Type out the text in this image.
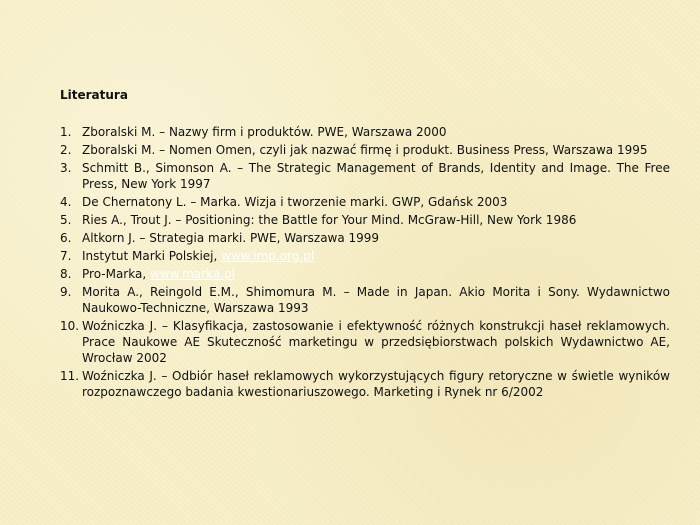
Literatura
1. Zboralski M. – Nazwy firm i produktów. PWE, Warszawa 2000
2. Zboralski M. – Nomen Omen, czyli jak nazwać firmę i produkt. Business Press, Warszawa 1995
3. Schmitt B., Simonson A. – The Strategic Management of Brands, Identity and Image. The Free Press, New York 1997
4. De Chernatony L. – Marka. Wizja i tworzenie marki. GWP, Gdańsk 2003
5. Ries A., Trout J. – Positioning: the Battle for Your Mind. McGraw-Hill, New York 1986
6. Altkorn J. – Strategia marki. PWE, Warszawa 1999
7. Instytut Marki Polskiej, www.imp.org.pl
8. Pro-Marka, www.marka.pl
9. Morita A., Reingold E.M., Shimomura M. – Made in Japan. Akio Morita i Sony. Wydawnictwo Naukowo-Techniczne, Warszawa 1993
10. Woźniczka J. – Klasyfikacja, zastosowanie i efektywność różnych konstrukcji haseł reklamowych. Prace Naukowe AE Skuteczność marketingu w przedsiębiorstwach polskich Wydawnictwo AE, Wrocław 2002
11. Woźniczka J. – Odbiór haseł reklamowych wykorzystujących figury retoryczne w świetle wyników rozpoznawczego badania kwestionariuszowego. Marketing i Rynek nr 6/2002
